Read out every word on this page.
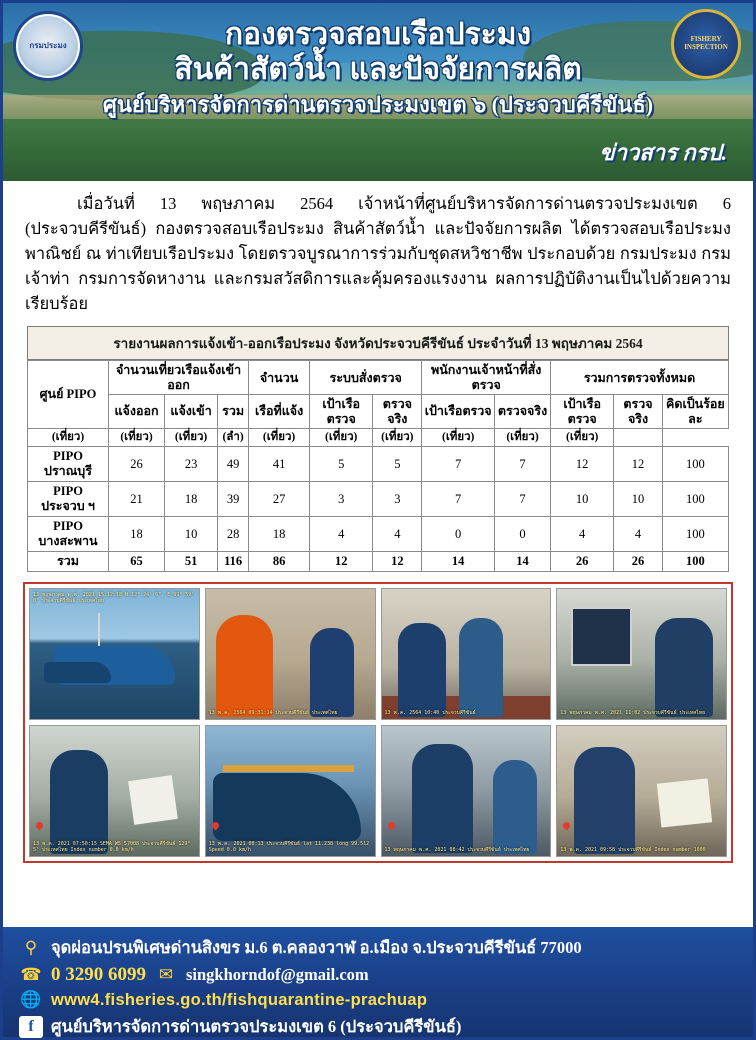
กรมประมง
FISHERY INSPECTION
กองตรวจสอบเรือประมง
สินค้าสัตว์น้ำ และปัจจัยการผลิต
ศูนย์บริหารจัดการด่านตรวจประมงเขต ๖ (ประจวบคีรีขันธ์)
ข่าวสาร กรป.
เมื่อวันที่ 13 พฤษภาคม 2564 เจ้าหน้าที่ศูนย์บริหารจัดการด่านตรวจประมงเขต 6 (ประจวบคีรีขันธ์) กองตรวจสอบเรือประมง สินค้าสัตว์น้ำ และปัจจัยการผลิต ได้ตรวจสอบเรือประมงพาณิชย์ ณ ท่าเทียบเรือประมง โดยตรวจบูรณาการร่วมกับชุดสหวิชาชีพ ประกอบด้วย กรมประมง กรมเจ้าท่า กรมการจัดหางาน และกรมสวัสดิการและคุ้มครองแรงงาน ผลการปฏิบัติงานเป็นไปด้วยความเรียบร้อย
รายงานผลการแจ้งเข้า-ออกเรือประมง จังหวัดประจวบคีรีขันธ์ ประจำวันที่ 13 พฤษภาคม 2564
ศูนย์ PIPO	จำนวนเที่ยวเรือแจ้งเข้าออก			จำนวน	ระบบสั่งตรวจ		พนักงานเจ้าหน้าที่สั่งตรวจ		รวมการตรวจทั้งหมด		
	แจ้งออก	แจ้งเข้า	รวม		เป้าเรือตรวจ	ตรวจจริง	เป้าเรือตรวจ	ตรวจจริง	เป้าเรือตรวจ	ตรวจจริง	คิดเป็นร้อยละ
				เรือที่แจ้ง							
(เที่ยว)	(เที่ยว)	(เที่ยว)	(ลำ)	(เที่ยว)	(เที่ยว)	(เที่ยว)	(เที่ยว)	(เที่ยว)	(เที่ยว)		
PIPO
ปราณบุรี	26	23	49	41	5	5	7	7	12	12	100
PIPO
ประจวบ ฯ	21	18	39	27	3	3	7	7	10	10	100
PIPO
บางสะพาน	18	10	28	18	4	4	0	0	4	4	100
รวม	65	51	116	86	12	12	14	14	26	26	100
13 พฤษภาคม พ.ศ. 2021 15:12:18 N 12° 24' 6", E 99° 59' 0" ประจวบคีรีขันธ์ ประเทศไทย
13 พ.ค. 2564 09:31:14 ประจวบคีรีขันธ์ ประเทศไทย	13 พ.ค. 2564 10:40 ประจวบคีรีขันธ์	13 พฤษภาคม พ.ศ. 2021 11:02 ประจวบคีรีขันธ์ ประเทศไทย
13 พ.ค. 2021 07:50:15 SEMA W5 57008 ประจวบคีรีขันธ์ 129° 5' ประเทศไทย Index number 0.0 km/h
13 พ.ค. 2021 08:13 ประจวบคีรีขันธ์ lat 11.238 long 99.512 Speed 0.0 km/h	13 พฤษภาคม พ.ศ. 2021 08:42 ประจวบคีรีขันธ์ ประเทศไทย	13 พ.ค. 2021 09:58 ประจวบคีรีขันธ์ Index number 1000
⚲ จุดผ่อนปรนพิเศษด่านสิงขร ม.6 ต.คลองวาฬ อ.เมือง จ.ประจวบคีรีขันธ์ 77000
☎ 0 3290 6099 ✉ singkhorndof@gmail.com
🌐 www4.fisheries.go.th/fishquarantine-prachuap
f	ศูนย์บริหารจัดการด่านตรวจประมงเขต 6 (ประจวบคีรีขันธ์)
